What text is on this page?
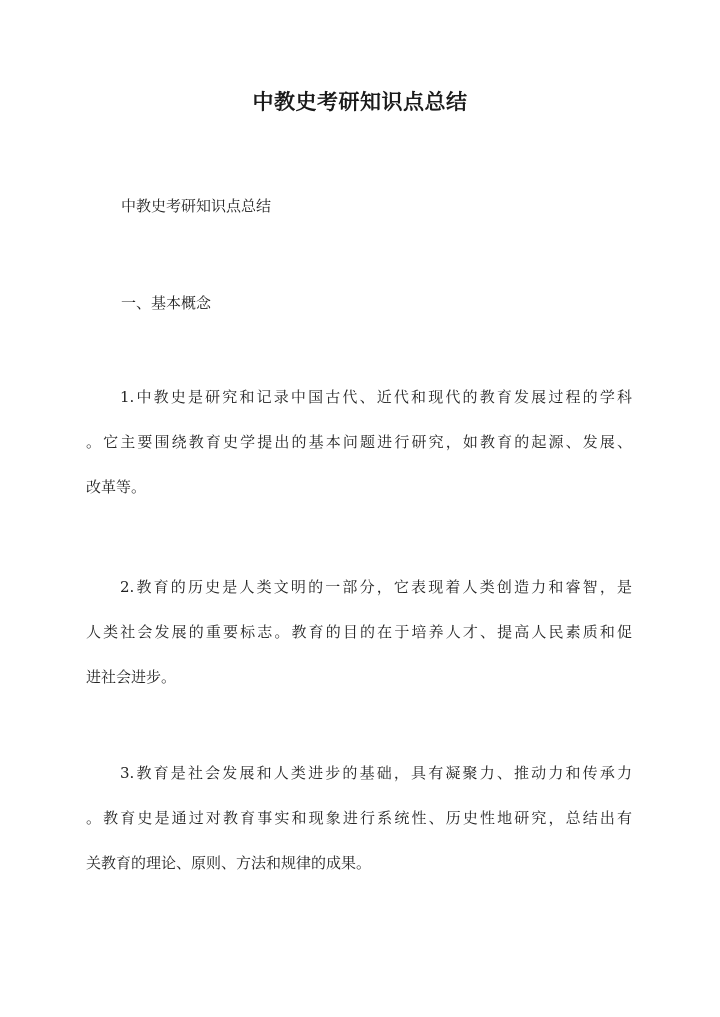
中教史考研知识点总结
中教史考研知识点总结
一、基本概念
1.中教史是研究和记录中国古代、近代和现代的教育发展过程的学科
。它主要围绕教育史学提出的基本问题进行研究，如教育的起源、发展、
改革等。
2.教育的历史是人类文明的一部分，它表现着人类创造力和睿智，是
人类社会发展的重要标志。教育的目的在于培养人才、提高人民素质和促
进社会进步。
3.教育是社会发展和人类进步的基础，具有凝聚力、推动力和传承力
。教育史是通过对教育事实和现象进行系统性、历史性地研究，总结出有
关教育的理论、原则、方法和规律的成果。
